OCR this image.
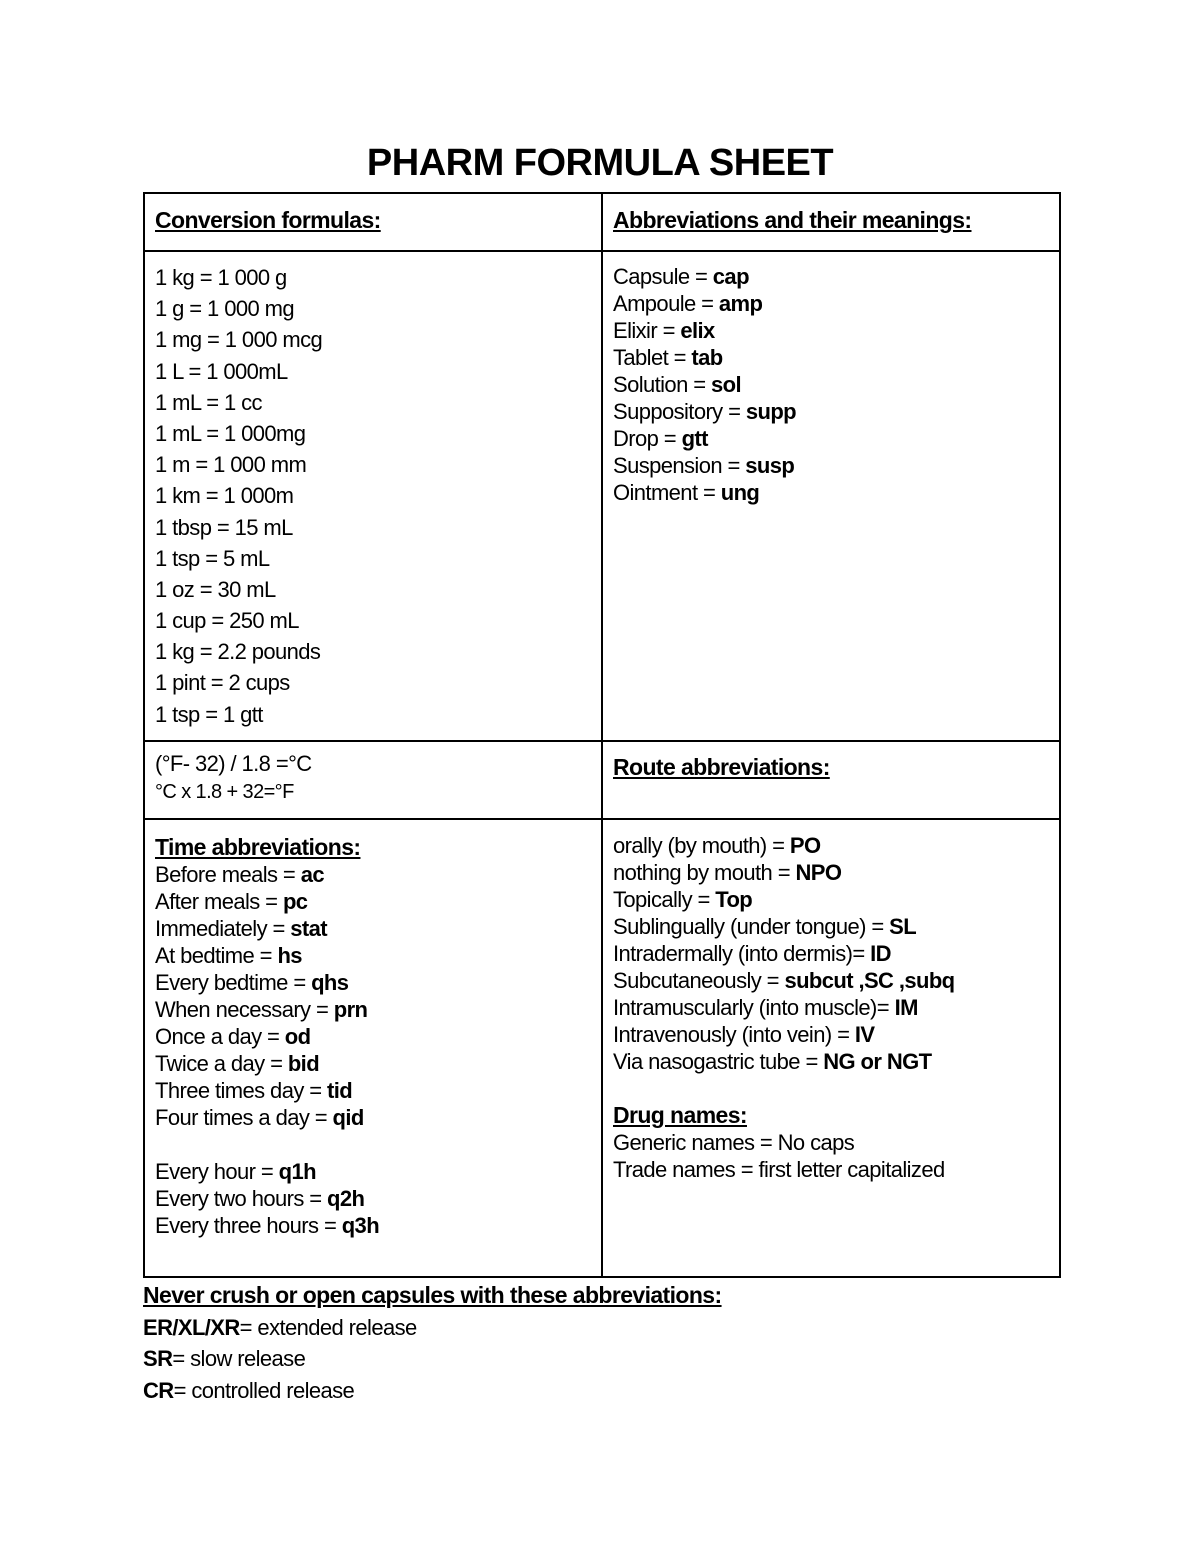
PHARM FORMULA SHEET
Conversion formulas:	Abbreviations and their meanings:
1 kg = 1 000 g
1 g = 1 000 mg
1 mg = 1 000 mcg
1 L = 1 000mL
1 mL = 1 cc
1 mL = 1 000mg
1 m = 1 000 mm
1 km = 1 000m
1 tbsp = 15 mL
1 tsp = 5 mL
1 oz = 30 mL
1 cup = 250 mL
1 kg = 2.2 pounds
1 pint = 2 cups
1 tsp = 1 gtt
(°F- 32) / 1.8 =°C
°C x 1.8 + 32=°F
Capsule = cap
Ampoule = amp
Elixir = elix
Tablet = tab
Solution = sol
Suppository = supp
Drop = gtt
Suspension = susp
Ointment = ung
Route abbreviations:
Time abbreviations:
Before meals = ac
After meals = pc
Immediately = stat
At bedtime = hs
Every bedtime = qhs
When necessary = prn
Once a day = od
Twice a day = bid
Three times day = tid
Four times a day = qid
Every hour = q1h
Every two hours = q2h
Every three hours = q3h
orally (by mouth) = PO
nothing by mouth = NPO
Topically = Top
Sublingually (under tongue) = SL
Intradermally (into dermis)= ID
Subcutaneously = subcut ,SC ,subq
Intramuscularly (into muscle)= IM
Intravenously (into vein) = IV
Via nasogastric tube = NG or NGT
Drug names:
Generic names = No caps
Trade names = first letter capitalized
Never crush or open capsules with these abbreviations:
ER/XL/XR= extended release
SR= slow release
CR= controlled release
